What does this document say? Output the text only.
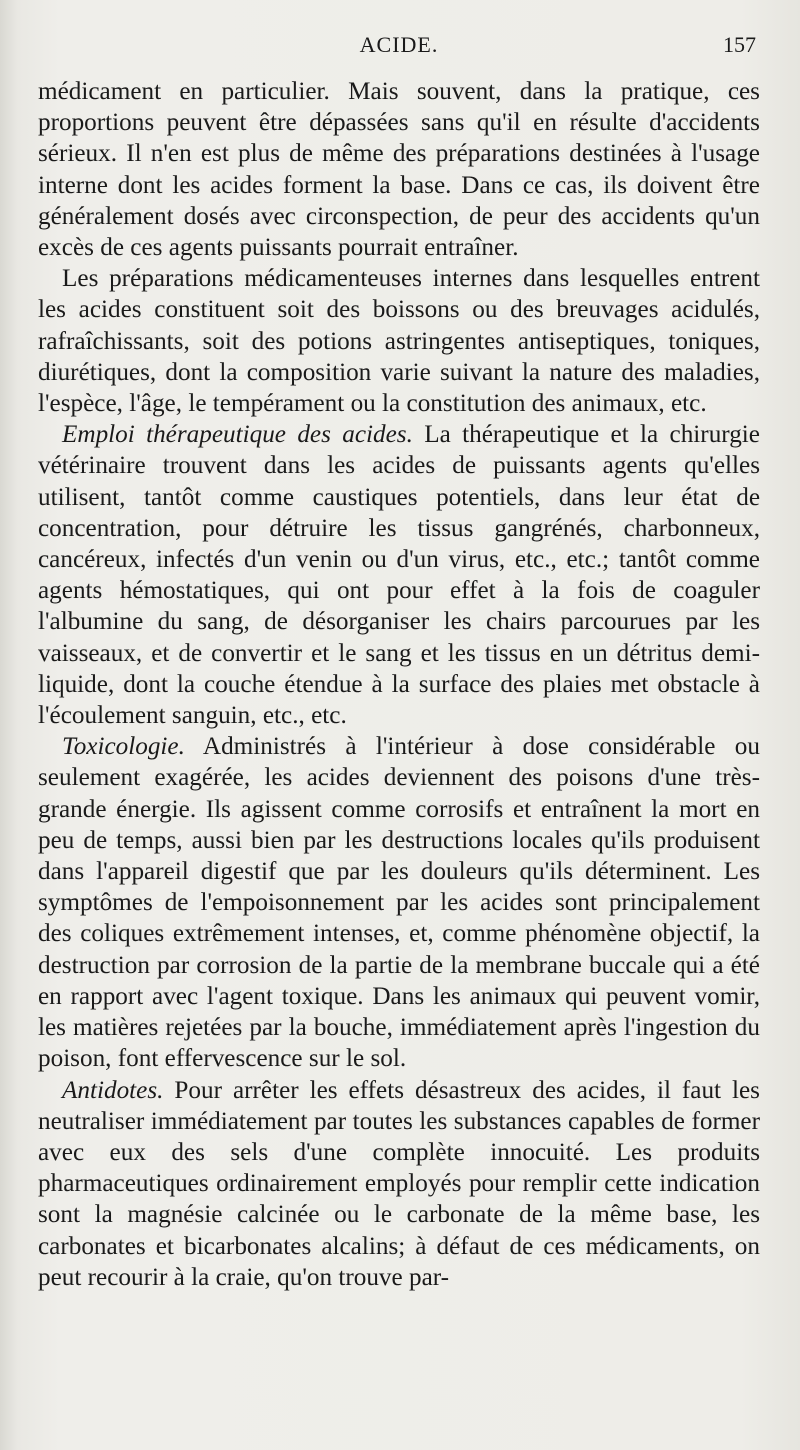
ACIDE.	157

médicament en particulier. Mais souvent, dans la pratique, ces proportions peuvent être dépassées sans qu'il en résulte d'accidents sérieux. Il n'en est plus de même des préparations destinées à l'usage interne dont les acides forment la base. Dans ce cas, ils doivent être généralement dosés avec circonspection, de peur des accidents qu'un excès de ces agents puissants pourrait entraîner.

Les préparations médicamenteuses internes dans lesquelles entrent les acides constituent soit des boissons ou des breuvages acidulés, rafraîchissants, soit des potions astringentes antiseptiques, toniques, diurétiques, dont la composition varie suivant la nature des maladies, l'espèce, l'âge, le tempérament ou la constitution des animaux, etc.

Emploi thérapeutique des acides. La thérapeutique et la chirurgie vétérinaire trouvent dans les acides de puissants agents qu'elles utilisent, tantôt comme caustiques potentiels, dans leur état de concentration, pour détruire les tissus gangrénés, charbonneux, cancéreux, infectés d'un venin ou d'un virus, etc., etc.; tantôt comme agents hémostatiques, qui ont pour effet à la fois de coaguler l'albumine du sang, de désorganiser les chairs parcourues par les vaisseaux, et de convertir et le sang et les tissus en un détritus demi-liquide, dont la couche étendue à la surface des plaies met obstacle à l'écoulement sanguin, etc., etc.

Toxicologie. Administrés à l'intérieur à dose considérable ou seulement exagérée, les acides deviennent des poisons d'une très-grande énergie. Ils agissent comme corrosifs et entraînent la mort en peu de temps, aussi bien par les destructions locales qu'ils produisent dans l'appareil digestif que par les douleurs qu'ils déterminent. Les symptômes de l'empoisonnement par les acides sont principalement des coliques extrêmement intenses, et, comme phénomène objectif, la destruction par corrosion de la partie de la membrane buccale qui a été en rapport avec l'agent toxique. Dans les animaux qui peuvent vomir, les matières rejetées par la bouche, immédiatement après l'ingestion du poison, font effervescence sur le sol.

Antidotes. Pour arrêter les effets désastreux des acides, il faut les neutraliser immédiatement par toutes les substances capables de former avec eux des sels d'une complète innocuité. Les produits pharmaceutiques ordinairement employés pour remplir cette indication sont la magnésie calcinée ou le carbonate de la même base, les carbonates et bicarbonates alcalins; à défaut de ces médicaments, on peut recourir à la craie, qu'on trouve par-
